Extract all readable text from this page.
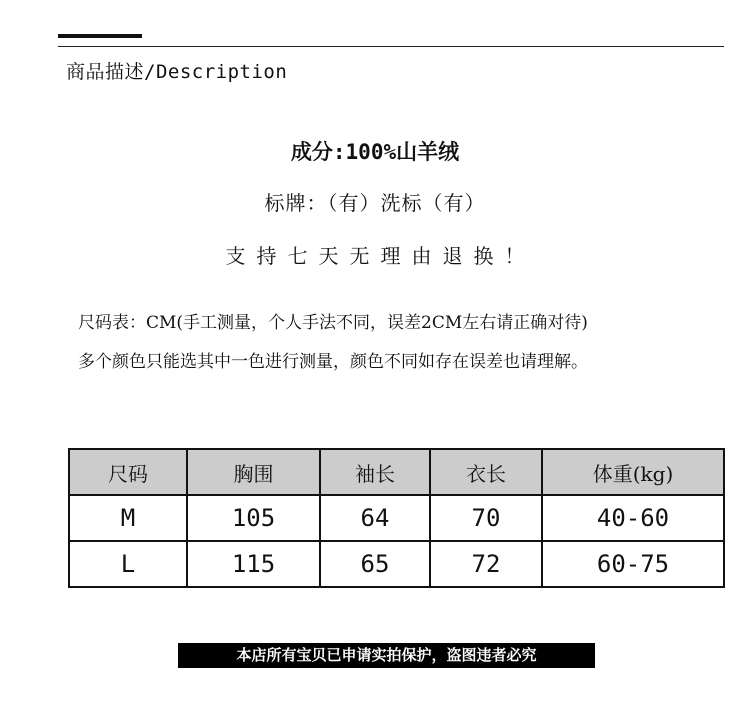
商品描述/Description
成分:100%山羊绒
标牌：（有）洗标（有）
支持七天无理由退换！
尺码表：CM(手工测量，个人手法不同，误差2CM左右请正确对待)
多个颜色只能选其中一色进行测量，颜色不同如存在误差也请理解。
尺码	胸围	袖长	衣长	体重(kg)
M	105	64	70	40-60
L	115	65	72	60-75
本店所有宝贝已申请实拍保护，盗图违者必究
